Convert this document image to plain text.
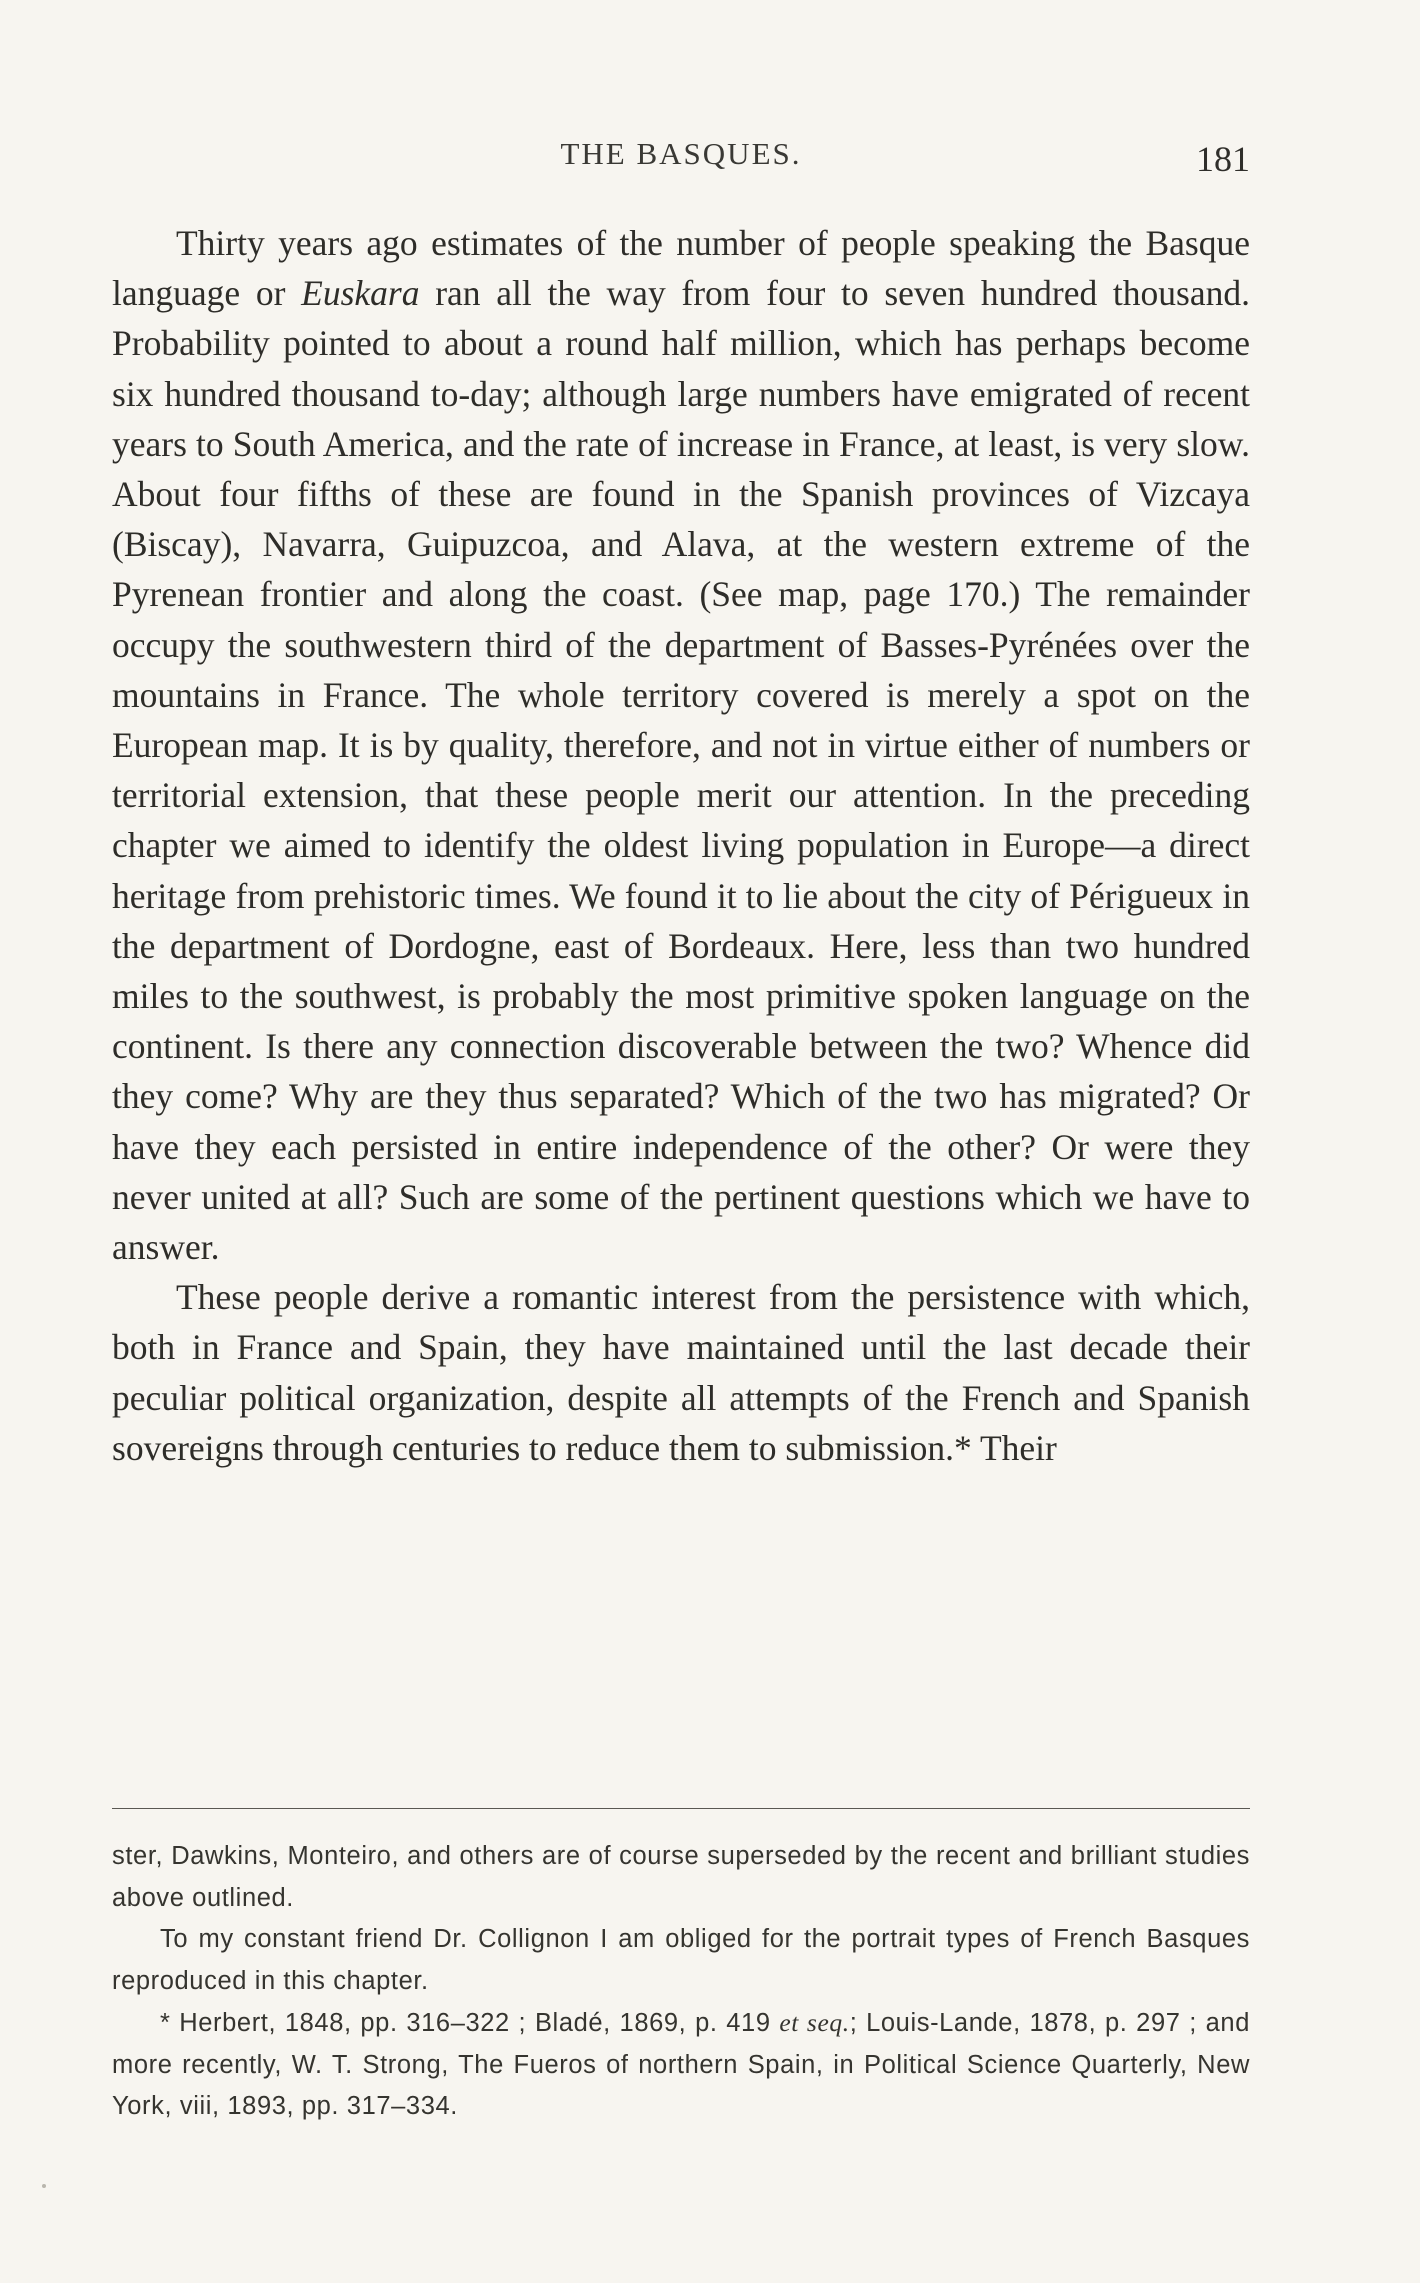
THE BASQUES.	181

Thirty years ago estimates of the number of people speaking the Basque language or Euskara ran all the way from four to seven hundred thousand. Probability pointed to about a round half million, which has perhaps become six hundred thousand to-day; although large numbers have emigrated of recent years to South America, and the rate of increase in France, at least, is very slow. About four fifths of these are found in the Spanish provinces of Vizcaya (Biscay), Navarra, Guipuzcoa, and Alava, at the western extreme of the Pyrenean frontier and along the coast. (See map, page 170.) The remainder occupy the southwestern third of the department of Basses-Pyrénées over the mountains in France. The whole territory covered is merely a spot on the European map. It is by quality, therefore, and not in virtue either of numbers or territorial extension, that these people merit our attention. In the preceding chapter we aimed to identify the oldest living population in Europe—a direct heritage from prehistoric times. We found it to lie about the city of Périgueux in the department of Dordogne, east of Bordeaux. Here, less than two hundred miles to the southwest, is probably the most primitive spoken language on the continent. Is there any connection discoverable between the two? Whence did they come? Why are they thus separated? Which of the two has migrated? Or have they each persisted in entire independence of the other? Or were they never united at all? Such are some of the pertinent questions which we have to answer.

These people derive a romantic interest from the persistence with which, both in France and Spain, they have maintained until the last decade their peculiar political organization, despite all attempts of the French and Spanish sovereigns through centuries to reduce them to submission.* Their

ster, Dawkins, Monteiro, and others are of course superseded by the recent and brilliant studies above outlined.

To my constant friend Dr. Collignon I am obliged for the portrait types of French Basques reproduced in this chapter.

* Herbert, 1848, pp. 316–322 ; Bladé, 1869, p. 419 et seq.; Louis-Lande, 1878, p. 297 ; and more recently, W. T. Strong, The Fueros of northern Spain, in Political Science Quarterly, New York, viii, 1893, pp. 317–334.
